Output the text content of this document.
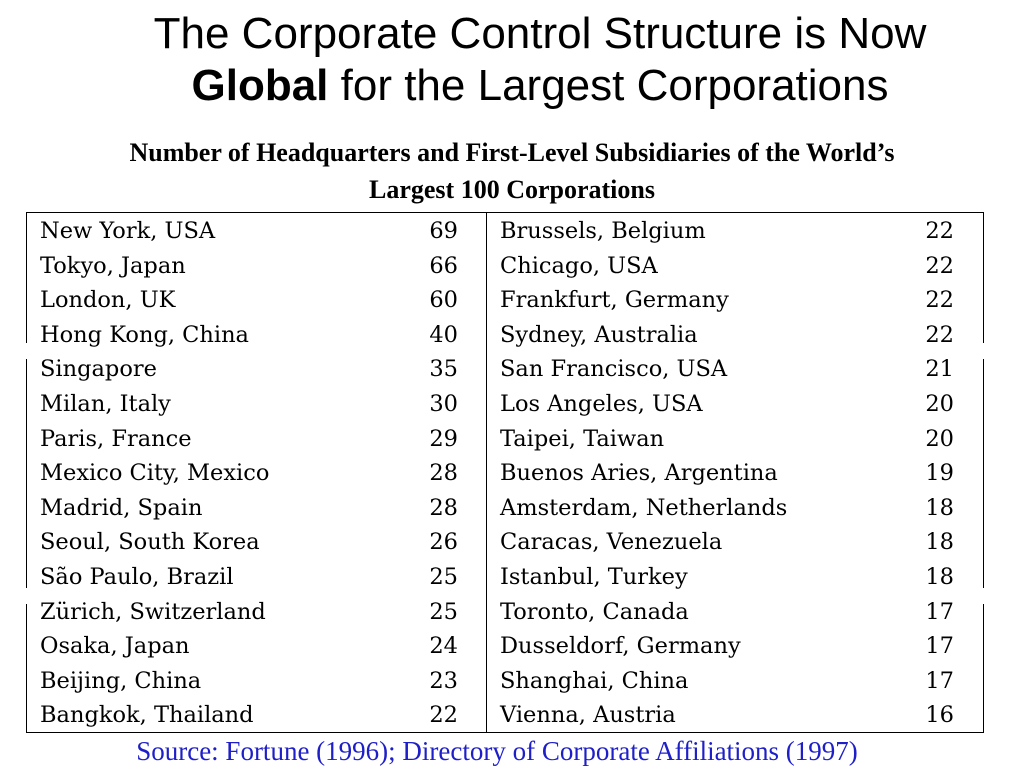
The Corporate Control Structure is Now
Global for the Largest Corporations
Number of Headquarters and First-Level Subsidiaries of the World’s
Largest 100 Corporations
New York, USA	69 Brussels, Belgium	22
Tokyo, Japan	66 Chicago, USA	22
London, UK	60 Frankfurt, Germany	22
Hong Kong, China	40 Sydney, Australia	22
Singapore	35 San Francisco, USA	21
Milan, Italy	30 Los Angeles, USA	20
Paris, France	29 Taipei, Taiwan	20
Mexico City, Mexico	28 Buenos Aries, Argentina	19
Madrid, Spain	28 Amsterdam, Netherlands	18
Seoul, South Korea	26 Caracas, Venezuela	18
São Paulo, Brazil	25 Istanbul, Turkey	18
Zürich, Switzerland	25 Toronto, Canada	17
Osaka, Japan	24 Dusseldorf, Germany	17
Beijing, China	23 Shanghai, China	17
Bangkok, Thailand	22 Vienna, Austria	16
Source: Fortune (1996); Directory of Corporate Affiliations (1997)
